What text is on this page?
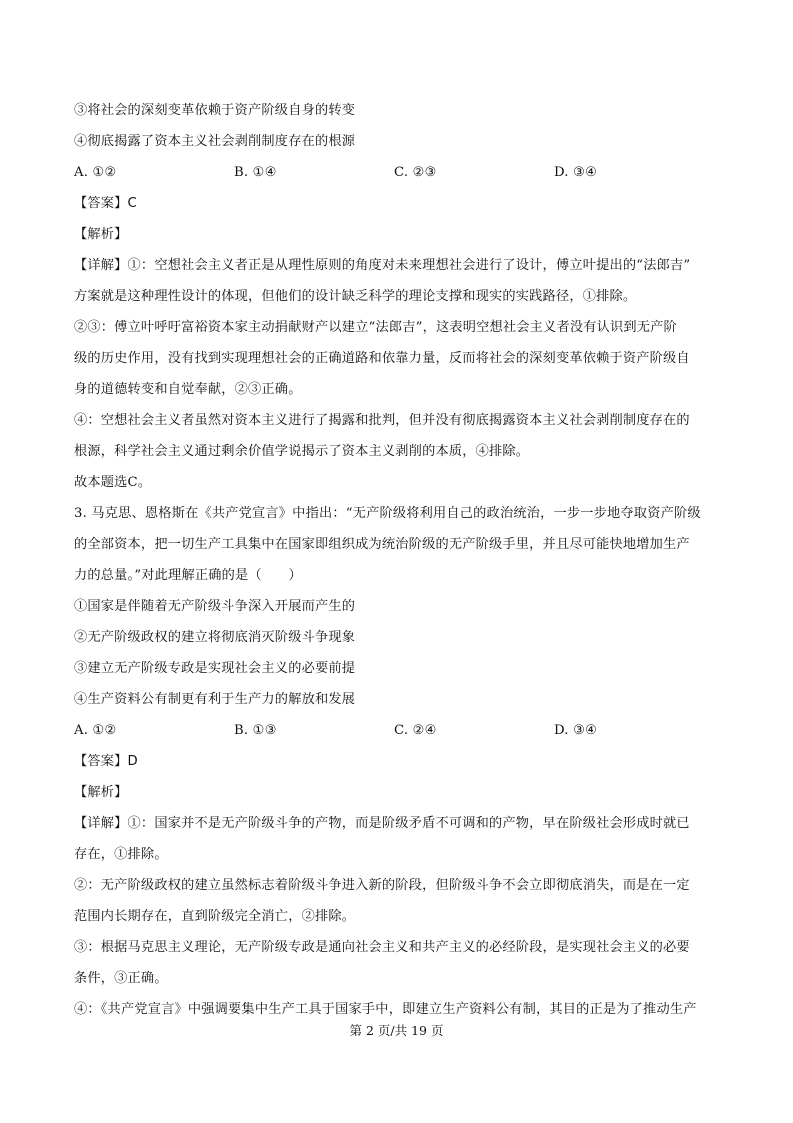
③将社会的深刻变革依赖于资产阶级自身的转变
④彻底揭露了资本主义社会剥削制度存在的根源
A. ①②	B. ①④	C. ②③	D. ③④
【答案】C
【解析】
【详解】①：空想社会主义者正是从理性原则的角度对未来理想社会进行了设计，傅立叶提出的“法郎吉”
方案就是这种理性设计的体现，但他们的设计缺乏科学的理论支撑和现实的实践路径，①排除。
②③：傅立叶呼吁富裕资本家主动捐献财产以建立“法郎吉”，这表明空想社会主义者没有认识到无产阶
级的历史作用，没有找到实现理想社会的正确道路和依靠力量，反而将社会的深刻变革依赖于资产阶级自
身的道德转变和自觉奉献，②③正确。
④：空想社会主义者虽然对资本主义进行了揭露和批判，但并没有彻底揭露资本主义社会剥削制度存在的
根源，科学社会主义通过剩余价值学说揭示了资本主义剥削的本质，④排除。
故本题选C。
3. 马克思、恩格斯在《共产党宣言》中指出：“无产阶级将利用自己的政治统治，一步一步地夺取资产阶级
的全部资本，把一切生产工具集中在国家即组织成为统治阶级的无产阶级手里，并且尽可能快地增加生产
力的总量。”对此理解正确的是（　　）
①国家是伴随着无产阶级斗争深入开展而产生的
②无产阶级政权的建立将彻底消灭阶级斗争现象
③建立无产阶级专政是实现社会主义的必要前提
④生产资料公有制更有利于生产力的解放和发展
A. ①②	B. ①③	C. ②④	D. ③④
【答案】D
【解析】
【详解】①：国家并不是无产阶级斗争的产物，而是阶级矛盾不可调和的产物，早在阶级社会形成时就已
存在，①排除。
②：无产阶级政权的建立虽然标志着阶级斗争进入新的阶段，但阶级斗争不会立即彻底消失，而是在一定
范围内长期存在，直到阶级完全消亡，②排除。
③：根据马克思主义理论，无产阶级专政是通向社会主义和共产主义的必经阶段，是实现社会主义的必要
条件，③正确。
④：《共产党宣言》中强调要集中生产工具于国家手中，即建立生产资料公有制，其目的正是为了推动生产
第 2 页/共 19 页
